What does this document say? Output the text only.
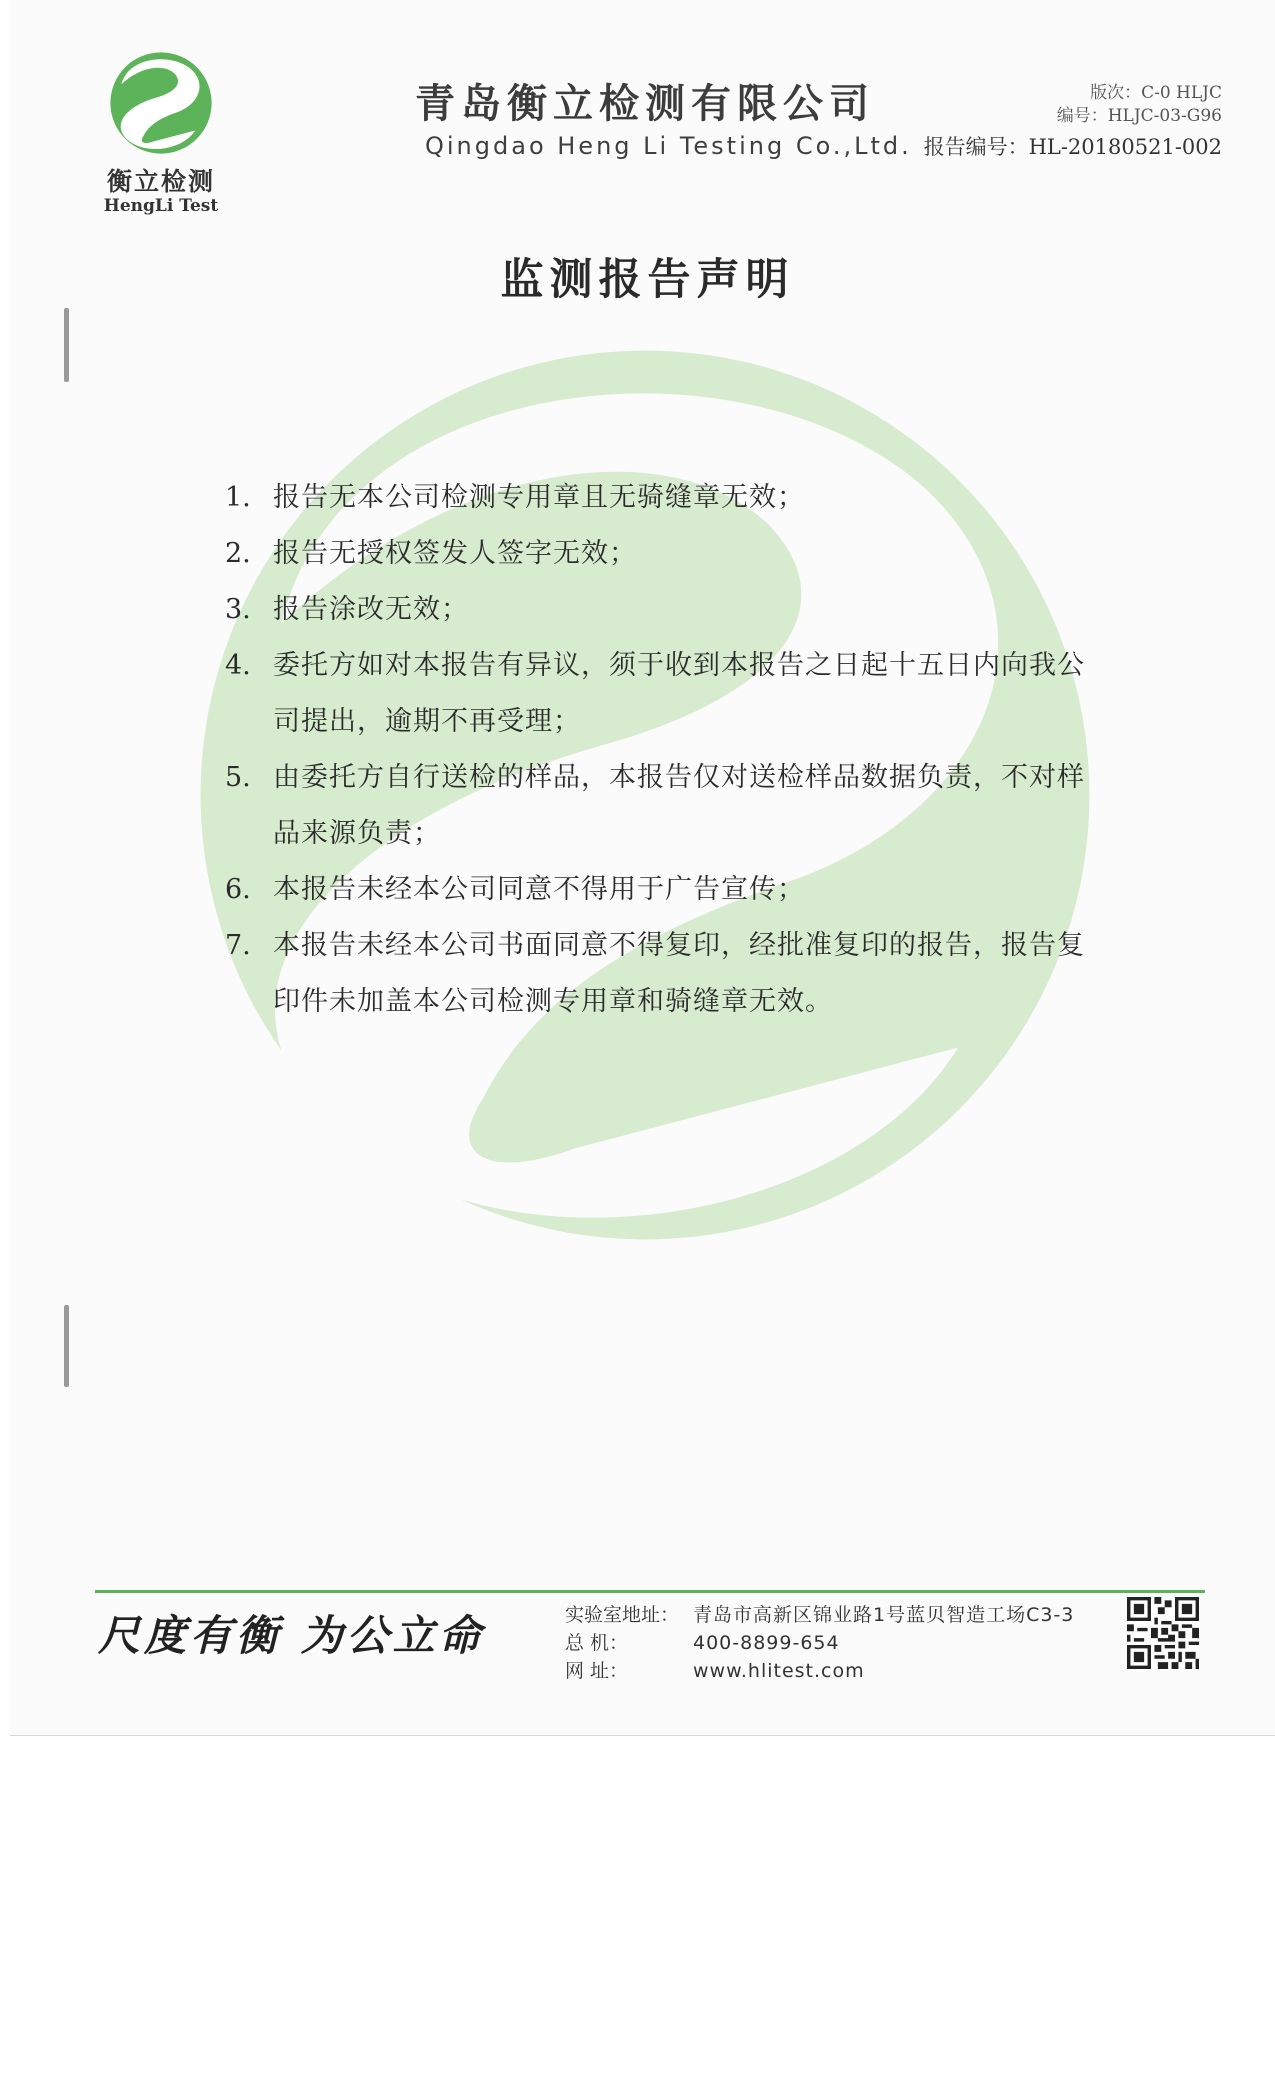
衡立检测
HengLi Test
青岛衡立检测有限公司
Qingdao Heng Li Testing Co.,Ltd.
版次：C-0 HLJC
编号：HLJC-03-G96
报告编号：HL-20180521-002
监测报告声明
1. 报告无本公司检测专用章且无骑缝章无效；
2. 报告无授权签发人签字无效；
3. 报告涂改无效；
4. 委托方如对本报告有异议，须于收到本报告之日起十五日内向我公司提出，逾期不再受理；
5. 由委托方自行送检的样品，本报告仅对送检样品数据负责，不对样品来源负责；
6. 本报告未经本公司同意不得用于广告宣传；
7. 本报告未经本公司书面同意不得复印，经批准复印的报告，报告复印件未加盖本公司检测专用章和骑缝章无效。
尺度有衡 为公立命	实验室地址： 青岛市高新区锦业路1号蓝贝智造工场C3-3
总 机：	400-8899-654
网 址：	www.hlitest.com
